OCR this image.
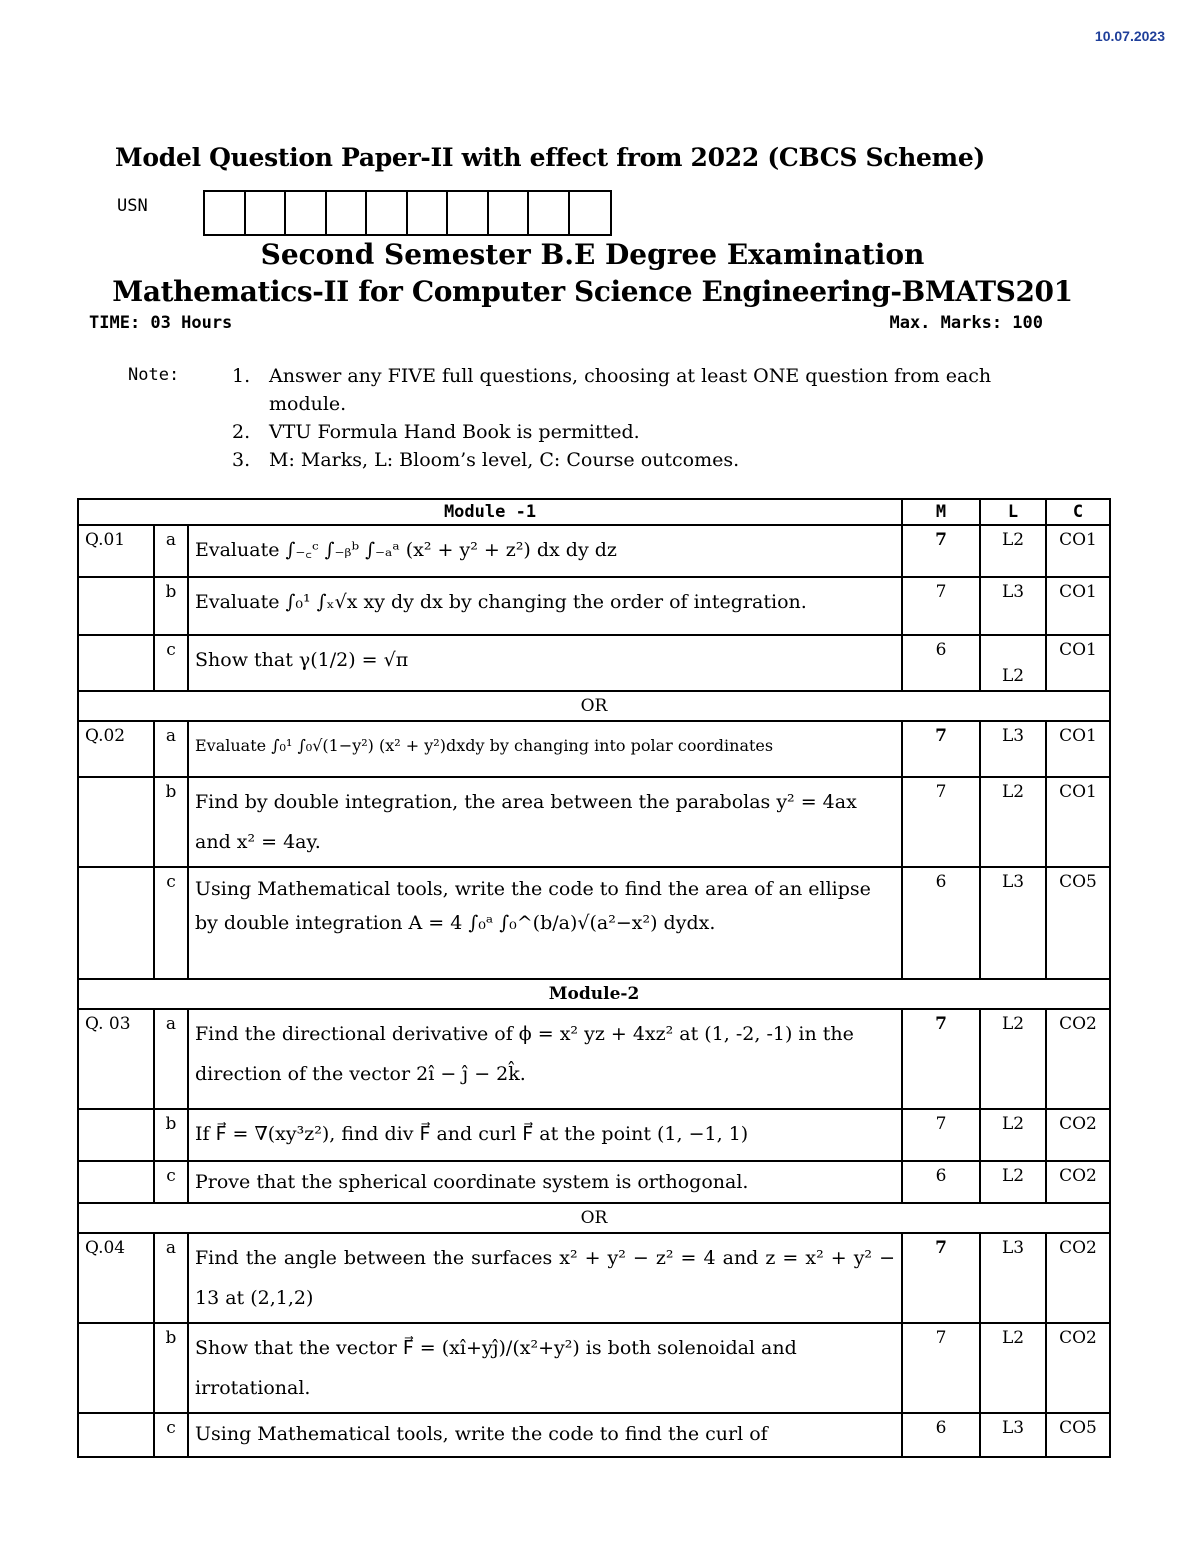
10.07.2023
Model Question Paper-II with effect from 2022 (CBCS Scheme)
USN
Second Semester B.E Degree Examination
Mathematics-II for Computer Science Engineering-BMATS201
TIME: 03 Hours	Max. Marks: 100
Note:	1. Answer any FIVE full questions, choosing at least ONE question from each module.
2. VTU Formula Hand Book is permitted.
3. M: Marks, L: Bloom’s level, C: Course outcomes.
Module -1			M	L	C
Q.01	a	Evaluate ∫₋꜀ᶜ ∫₋ᵦᵇ ∫₋ₐᵃ (x² + y² + z²) dx dy dz	7	L2	CO1
	b	Evaluate ∫₀¹ ∫ₓ√x xy dy dx by changing the order of integration.	7	L3	CO1
	c	Show that γ(1/2) = √π	6	L2	CO1
OR					
Q.02	a	Evaluate ∫₀¹ ∫₀√(1−y²) (x² + y²)dxdy by changing into polar coordinates	7	L3	CO1
	b	Find by double integration, the area between the parabolas y² = 4ax and x² = 4ay.	7	L2	CO1
	c	Using Mathematical tools, write the code to find the area of an ellipse by double integration A = 4 ∫₀ᵃ ∫₀^(b/a)√(a²−x²) dydx.	6	L3	CO5
Module-2					
Q. 03	a	Find the directional derivative of ϕ = x² yz + 4xz² at (1, -2, -1) in the direction of the vector 2î − ĵ − 2k̂.	7	L2	CO2
	b	If F⃗ = ∇(xy³z²), find div F⃗ and curl F⃗ at the point (1, −1, 1)	7	L2	CO2
	c	Prove that the spherical coordinate system is orthogonal.	6	L2	CO2
OR					
Q.04	a	Find the angle between the surfaces x² + y² − z² = 4 and z = x² + y² − 13 at (2,1,2)	7	L3	CO2
	b	Show that the vector F⃗ = (xî+yĵ)/(x²+y²) is both solenoidal and irrotational.	7	L2	CO2
	c	Using Mathematical tools, write the code to find the curl of	6	L3	CO5
